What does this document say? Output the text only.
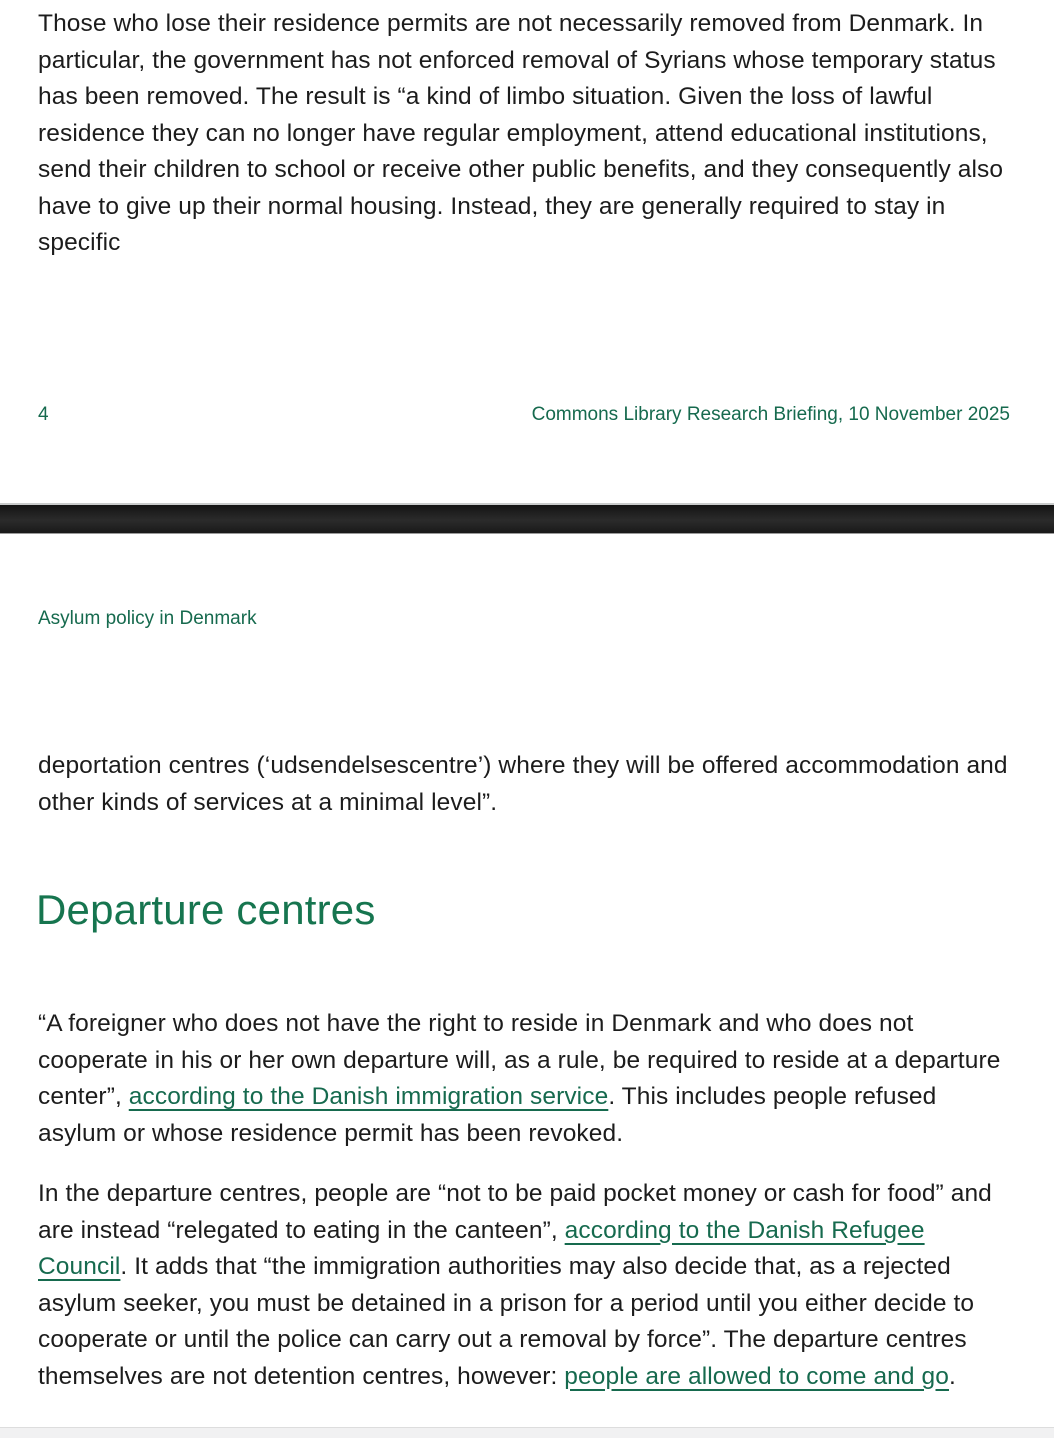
Those who lose their residence permits are not necessarily removed from Denmark. In particular, the government has not enforced removal of Syrians whose temporary status has been removed. The result is “a kind of limbo situation. Given the loss of lawful residence they can no longer have regular employment, attend educational institutions, send their children to school or receive other public benefits, and they consequently also have to give up their normal housing. Instead, they are generally required to stay in specific

4	Commons Library Research Briefing, 10 November 2025
Asylum policy in Denmark

deportation centres (‘udsendelsescentre’) where they will be offered accommodation and other kinds of services at a minimal level”.

Departure centres

“A foreigner who does not have the right to reside in Denmark and who does not cooperate in his or her own departure will, as a rule, be required to reside at a departure center”, according to the Danish immigration service. This includes people refused asylum or whose residence permit has been revoked.

In the departure centres, people are “not to be paid pocket money or cash for food” and are instead “relegated to eating in the canteen”, according to the Danish Refugee Council. It adds that “the immigration authorities may also decide that, as a rejected asylum seeker, you must be detained in a prison for a period until you either decide to cooperate or until the police can carry out a removal by force”. The departure centres themselves are not detention centres, however: people are allowed to come and go.
